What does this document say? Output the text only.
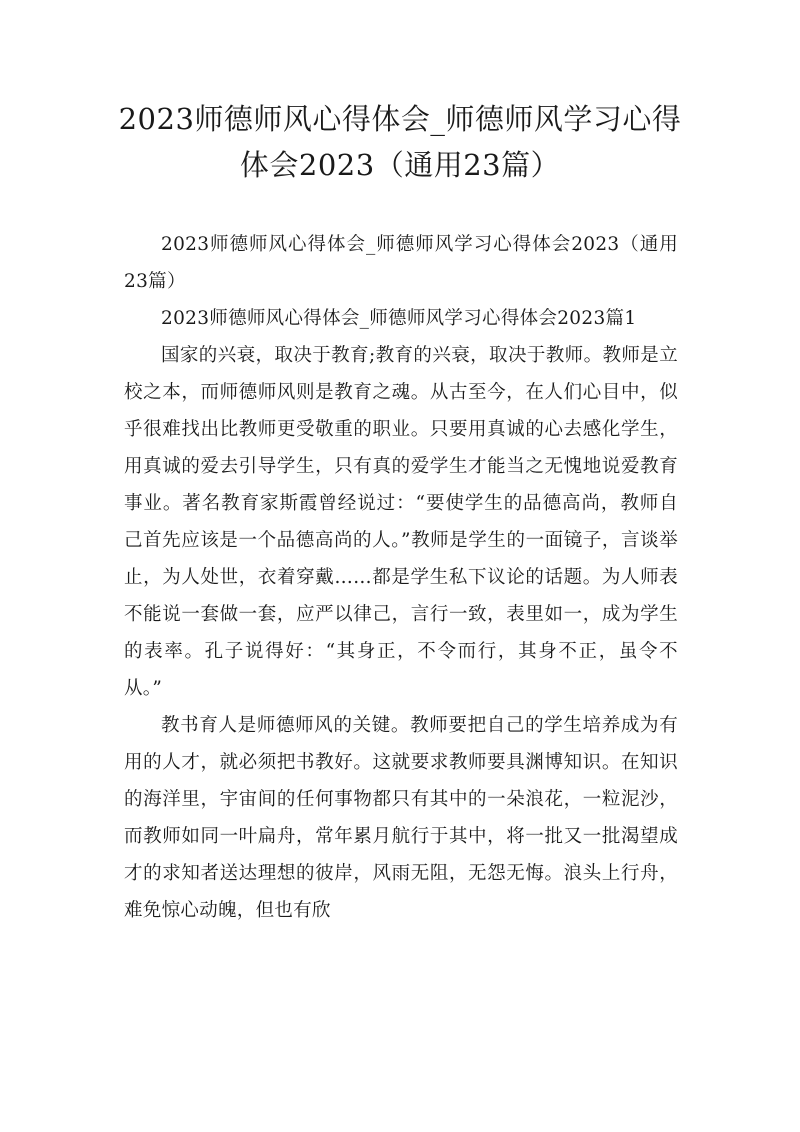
2023师德师风心得体会_师德师风学习心得体会2023（通用23篇）

2023师德师风心得体会_师德师风学习心得体会2023（通用23篇）

2023师德师风心得体会_师德师风学习心得体会2023篇1

国家的兴衰，取决于教育;教育的兴衰，取决于教师。教师是立校之本，而师德师风则是教育之魂。从古至今，在人们心目中，似乎很难找出比教师更受敬重的职业。只要用真诚的心去感化学生，用真诚的爱去引导学生，只有真的爱学生才能当之无愧地说爱教育事业。著名教育家斯霞曾经说过：“要使学生的品德高尚，教师自己首先应该是一个品德高尚的人。”教师是学生的一面镜子，言谈举止，为人处世，衣着穿戴……都是学生私下议论的话题。为人师表不能说一套做一套，应严以律己，言行一致，表里如一，成为学生的表率。孔子说得好：“其身正，不令而行，其身不正，虽令不从。”

教书育人是师德师风的关键。教师要把自己的学生培养成为有用的人才，就必须把书教好。这就要求教师要具渊博知识。在知识的海洋里，宇宙间的任何事物都只有其中的一朵浪花，一粒泥沙，而教师如同一叶扁舟，常年累月航行于其中，将一批又一批渴望成才的求知者送达理想的彼岸，风雨无阻，无怨无悔。浪头上行舟，难免惊心动魄，但也有欣
